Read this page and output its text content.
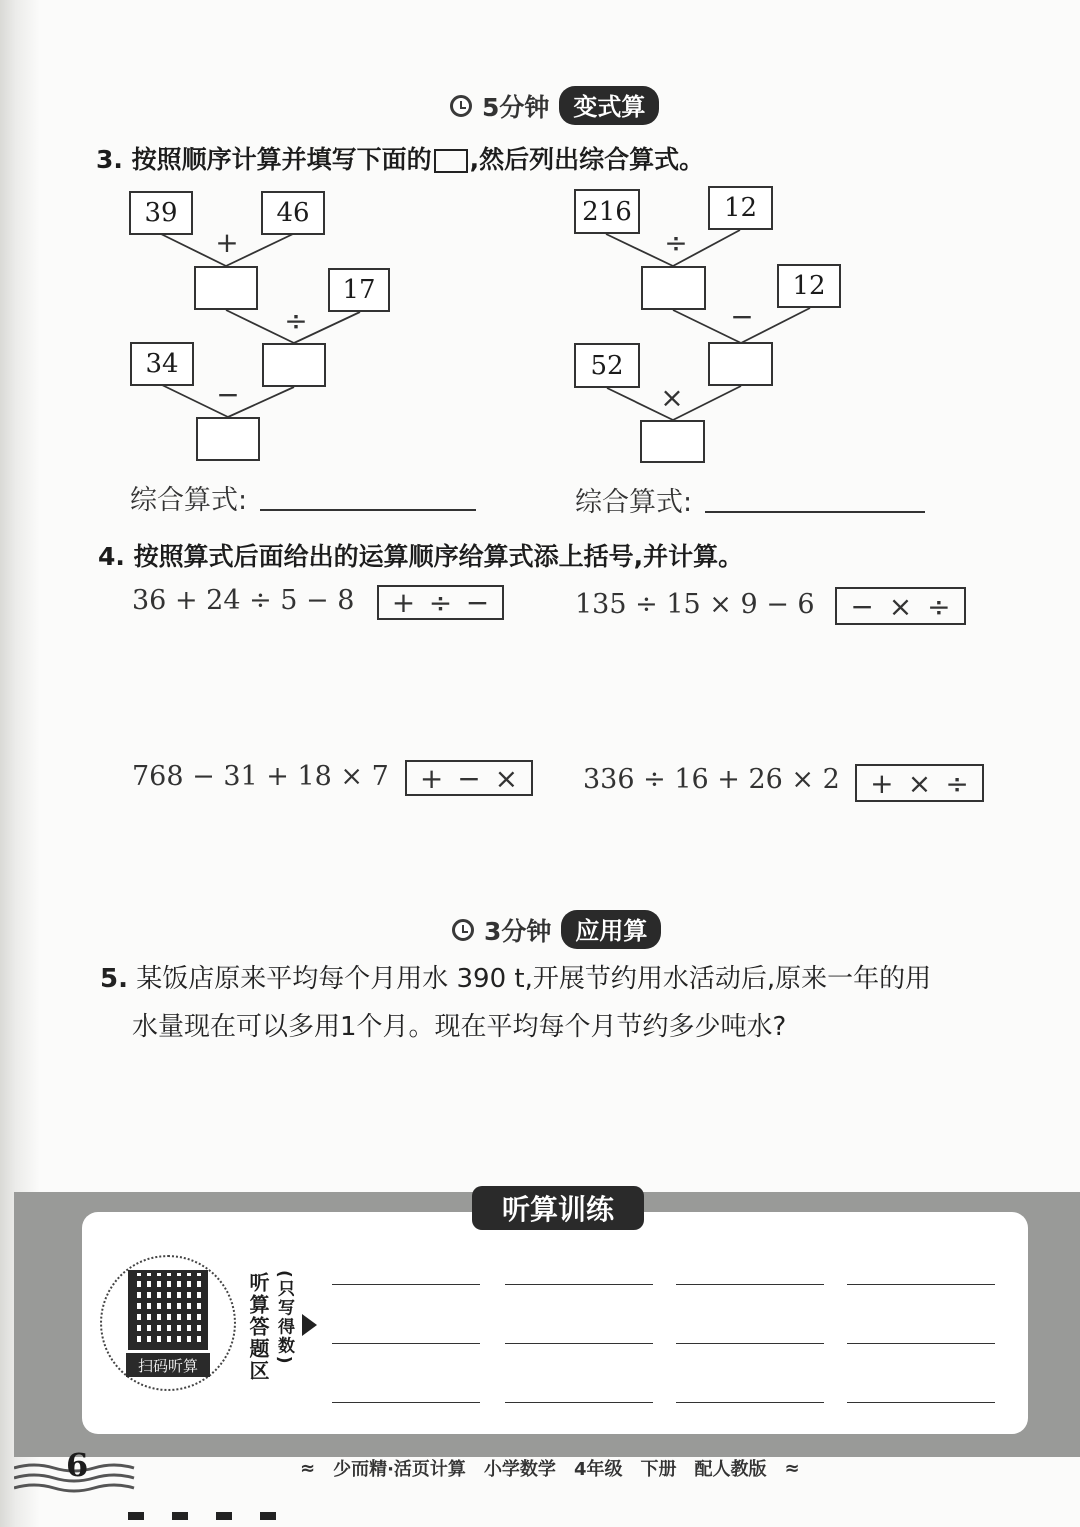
5分钟	变式算
3. 按照顺序计算并填写下面的 ,然后列出综合算式。
39	46
+
17
÷
34
−
216	12
÷
12
−
52
×
综合算式:	综合算式:
4. 按照算式后面给出的运算顺序给算式添上括号,并计算。
36 + 24 ÷ 5 − 8 + ÷ −	135 ÷ 15 × 9 − 6 − × ÷
768 − 31 + 18 × 7 + − × 336 ÷ 16 + 26 × 2 + × ÷
3分钟	应用算
5. 某饭店原来平均每个月用水 390 t,开展节约用水活动后,原来一年的用
水量现在可以多用1个月。现在平均每个月节约多少吨水?
听算训练
扫码听算	听算答题区 (只写得数)
6	≈ 少而精·活页计算 小学数学 4年级 下册 配人教版 ≈
